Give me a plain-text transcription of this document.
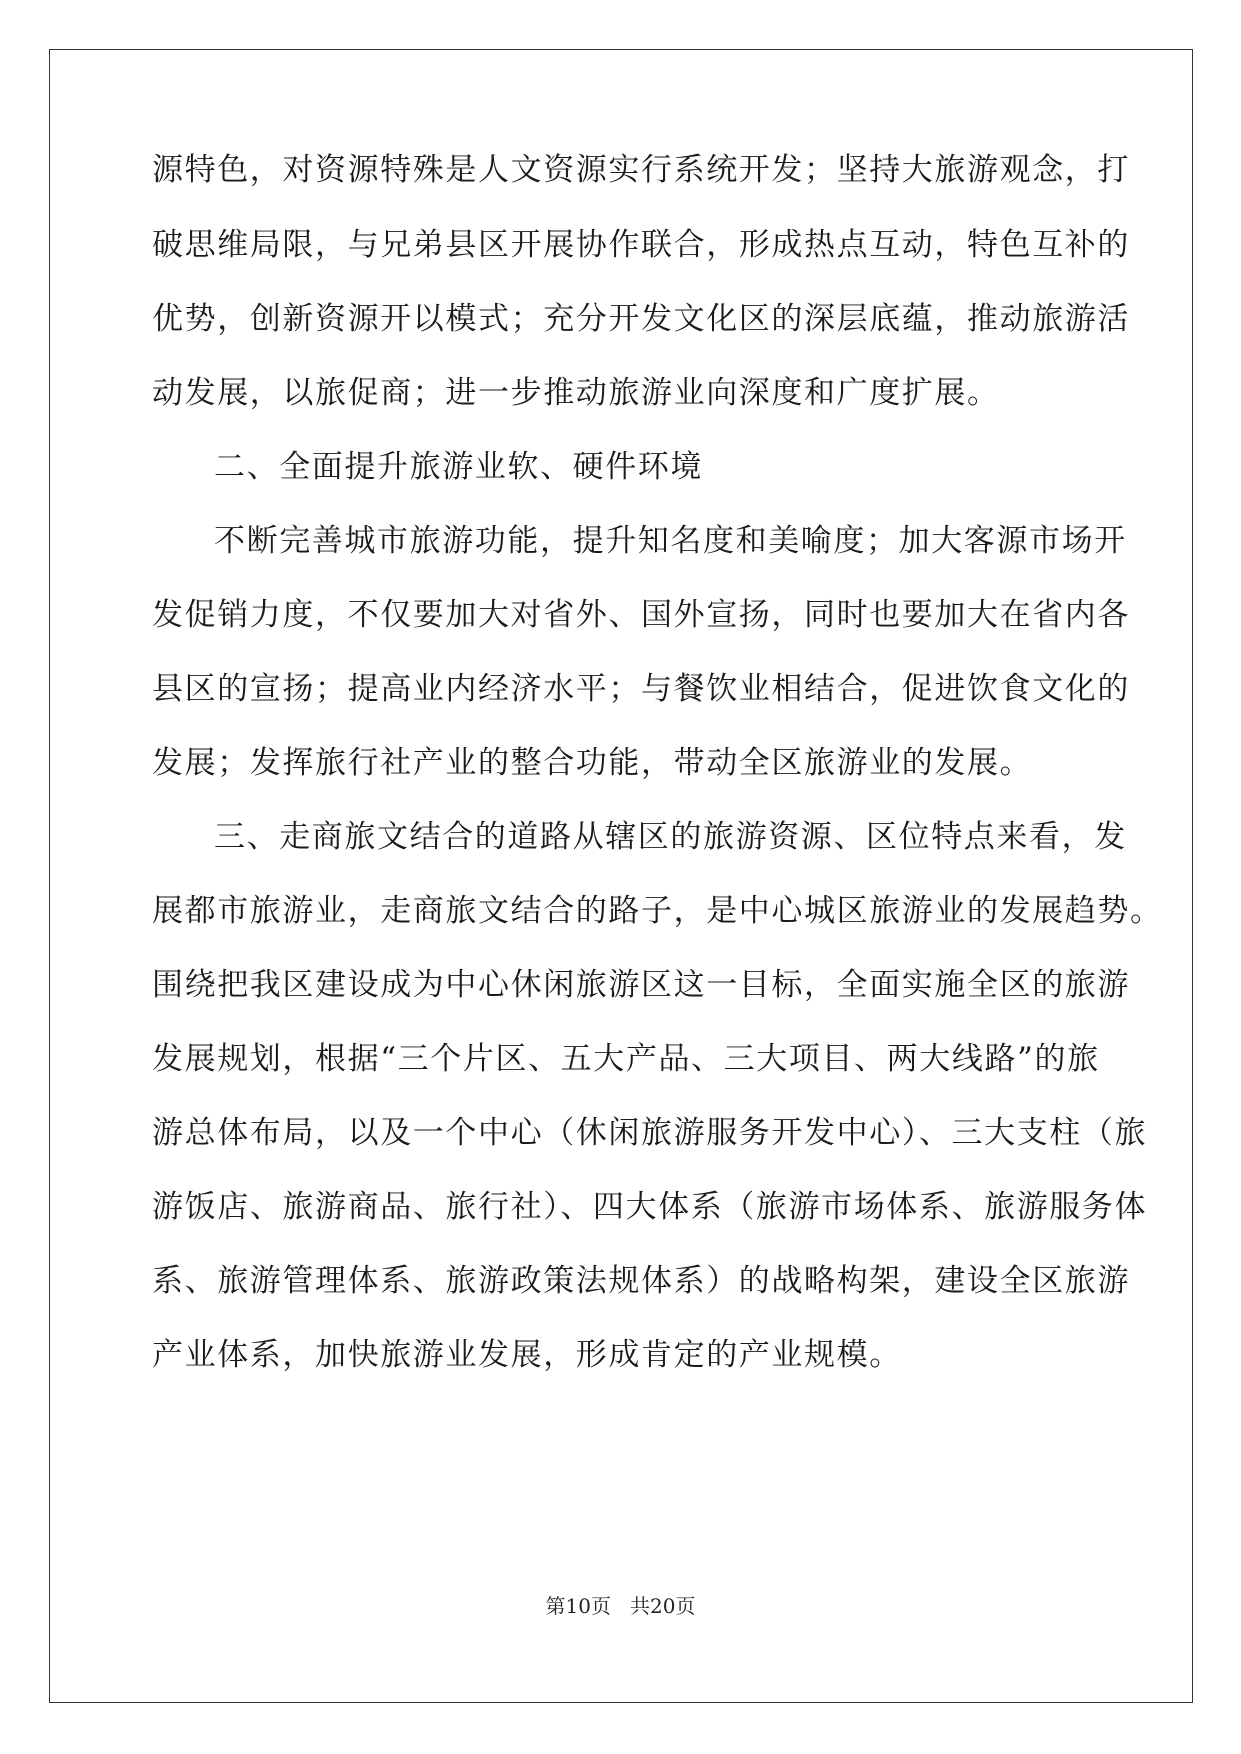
源特色，对资源特殊是人文资源实行系统开发；坚持大旅游观念，打
破思维局限，与兄弟县区开展协作联合，形成热点互动，特色互补的
优势，创新资源开以模式；充分开发文化区的深层底蕴，推动旅游活
动发展，以旅促商；进一步推动旅游业向深度和广度扩展。
二、全面提升旅游业软、硬件环境
不断完善城市旅游功能，提升知名度和美喻度；加大客源市场开
发促销力度，不仅要加大对省外、国外宣扬，同时也要加大在省内各
县区的宣扬；提高业内经济水平；与餐饮业相结合，促进饮食文化的
发展；发挥旅行社产业的整合功能，带动全区旅游业的发展。
三、走商旅文结合的道路从辖区的旅游资源、区位特点来看，发
展都市旅游业，走商旅文结合的路子，是中心城区旅游业的发展趋势。
围绕把我区建设成为中心休闲旅游区这一目标，全面实施全区的旅游
发展规划，根据“三个片区、五大产品、三大项目、两大线路”的旅
游总体布局，以及一个中心（休闲旅游服务开发中心）、三大支柱（旅
游饭店、旅游商品、旅行社）、四大体系（旅游市场体系、旅游服务体
系、旅游管理体系、旅游政策法规体系）的战略构架，建设全区旅游
产业体系，加快旅游业发展，形成肯定的产业规模。
第10页 共20页
